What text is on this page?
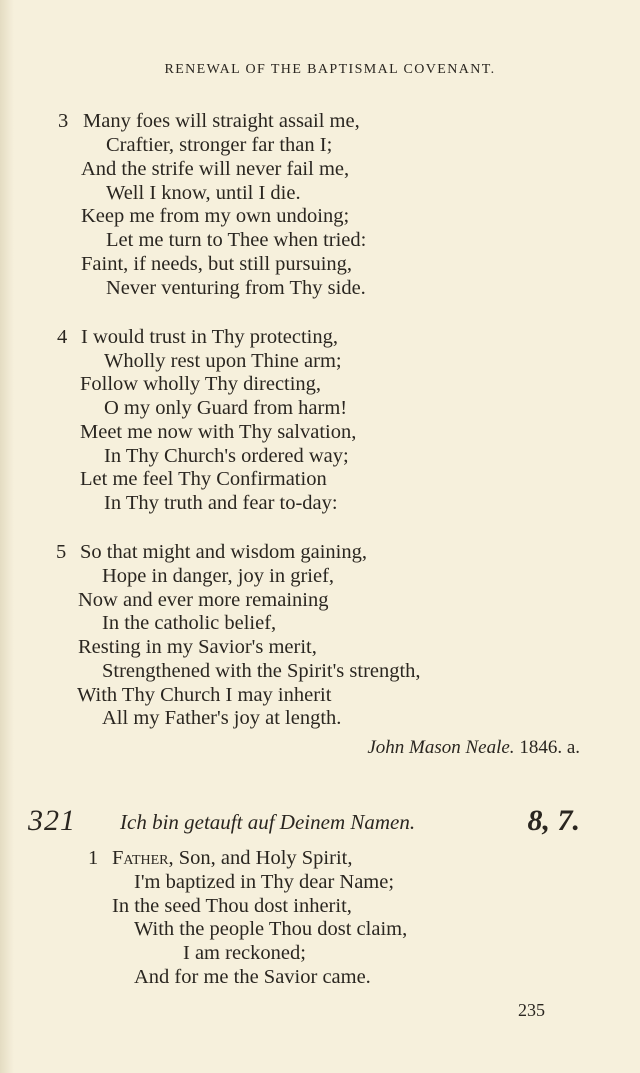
RENEWAL OF THE BAPTISMAL COVENANT.
3 Many foes will straight assail me,
Craftier, stronger far than I;
And the strife will never fail me,
Well I know, until I die.
Keep me from my own undoing;
Let me turn to Thee when tried:
Faint, if needs, but still pursuing,
Never venturing from Thy side.
4 I would trust in Thy protecting,
Wholly rest upon Thine arm;
Follow wholly Thy directing,
O my only Guard from harm!
Meet me now with Thy salvation,
In Thy Church's ordered way;
Let me feel Thy Confirmation
In Thy truth and fear to-day:
5 So that might and wisdom gaining,
Hope in danger, joy in grief,
Now and ever more remaining
In the catholic belief,
Resting in my Savior's merit,
Strengthened with the Spirit's strength,
With Thy Church I may inherit
All my Father's joy at length.
John Mason Neale. 1846. a.
321 Ich bin getauft auf Deinem Namen.	8, 7.
1 Father, Son, and Holy Spirit,
I'm baptized in Thy dear Name;
In the seed Thou dost inherit,
With the people Thou dost claim,
I am reckoned;
And for me the Savior came.
235
